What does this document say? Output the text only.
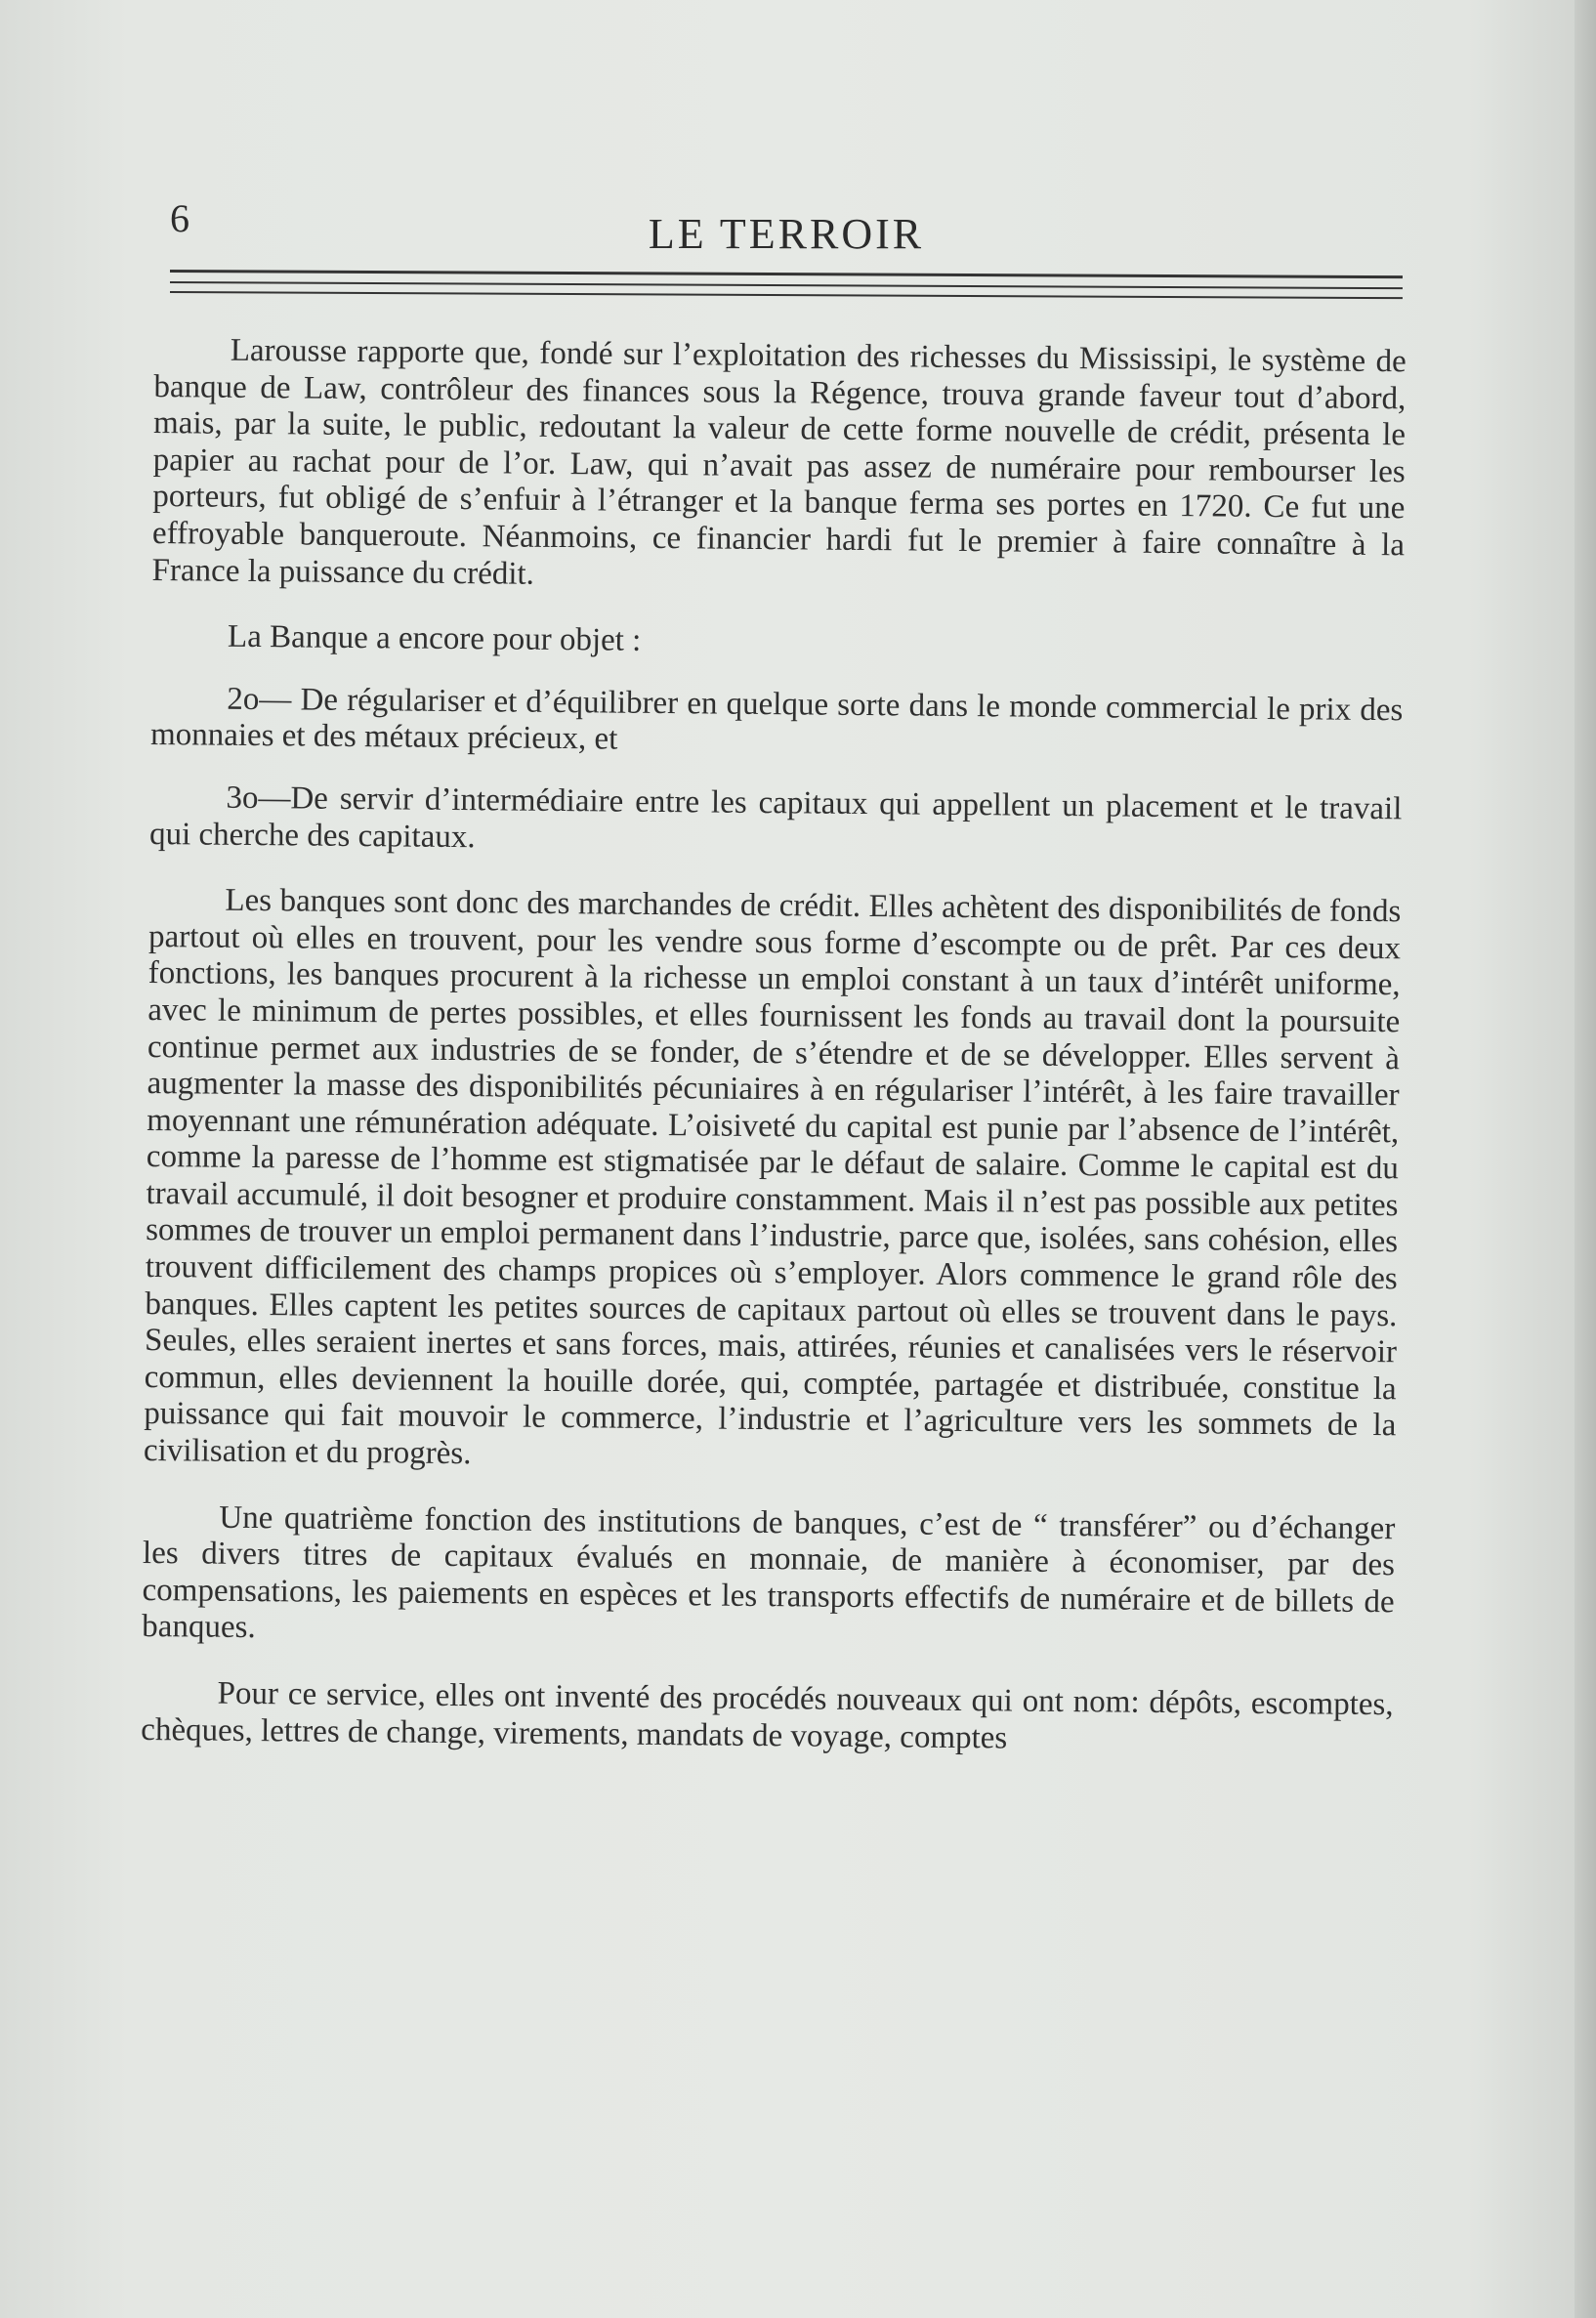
6	LE TERROIR

Larousse rapporte que, fondé sur l’exploitation des richesses du Mississipi, le système de banque de Law, contrôleur des finances sous la Régence, trouva grande faveur tout d’abord, mais, par la suite, le public, redoutant la valeur de cette forme nouvelle de crédit, présenta le papier au rachat pour de l’or. Law, qui n’avait pas assez de numéraire pour rembourser les porteurs, fut obligé de s’enfuir à l’étranger et la banque ferma ses portes en 1720. Ce fut une effroyable banqueroute. Néanmoins, ce financier hardi fut le premier à faire connaître à la France la puissance du crédit.

La Banque a encore pour objet :

2o— De régulariser et d’équilibrer en quelque sorte dans le monde commercial le prix des monnaies et des métaux précieux, et

3o—De servir d’intermédiaire entre les capitaux qui appellent un placement et le travail qui cherche des capitaux.

Les banques sont donc des marchandes de crédit. Elles achètent des disponibilités de fonds partout où elles en trouvent, pour les vendre sous forme d’escompte ou de prêt. Par ces deux fonctions, les banques procurent à la richesse un emploi constant à un taux d’intérêt uniforme, avec le minimum de pertes possibles, et elles fournissent les fonds au travail dont la poursuite continue permet aux industries de se fonder, de s’étendre et de se développer. Elles servent à augmenter la masse des disponibilités pécuniaires à en régulariser l’intérêt, à les faire travailler moyennant une rémunération adéquate. L’oisiveté du capital est punie par l’absence de l’intérêt, comme la paresse de l’homme est stigmatisée par le défaut de salaire. Comme le capital est du travail accumulé, il doit besogner et produire constamment. Mais il n’est pas possible aux petites sommes de trouver un emploi permanent dans l’industrie, parce que, isolées, sans cohésion, elles trouvent difficilement des champs propices où s’employer. Alors commence le grand rôle des banques. Elles captent les petites sources de capitaux partout où elles se trouvent dans le pays. Seules, elles seraient inertes et sans forces, mais, attirées, réunies et canalisées vers le réservoir commun, elles deviennent la houille dorée, qui, comptée, partagée et distribuée, constitue la puissance qui fait mouvoir le commerce, l’industrie et l’agriculture vers les sommets de la civilisation et du progrès.

Une quatrième fonction des institutions de banques, c’est de “ transférer” ou d’échanger les divers titres de capitaux évalués en monnaie, de manière à économiser, par des compensations, les paiements en espèces et les transports effectifs de numéraire et de billets de banques.

Pour ce service, elles ont inventé des procédés nouveaux qui ont nom: dépôts, escomptes, chèques, lettres de change, virements, mandats de voyage, comptes
